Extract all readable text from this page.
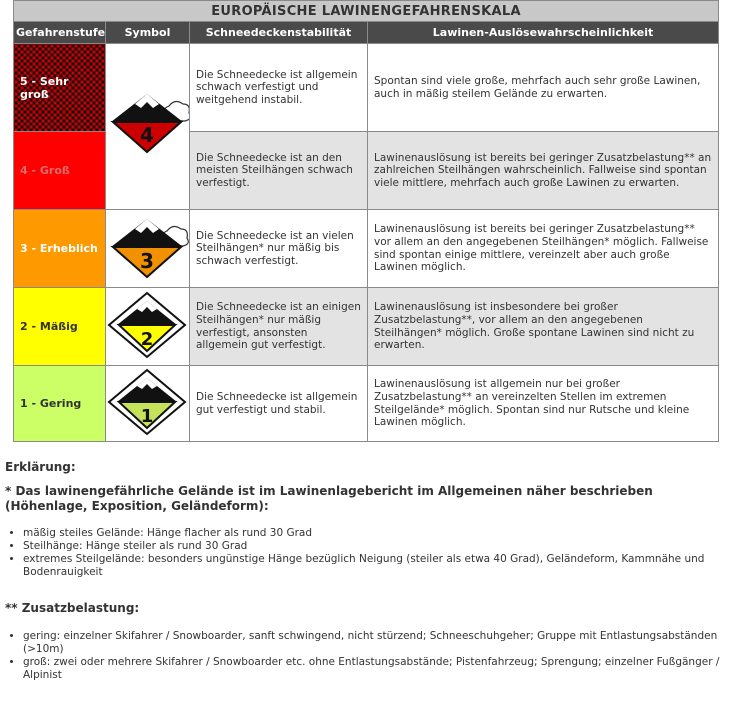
EUROPÄISCHE LAWINENGEFAHRENSKALA			
Gefahrenstufe	Symbol	Schneedeckenstabilität	Lawinen-Auslösewahrscheinlichkeit
5 - Sehr groß	4	Die Schneedecke ist allgemein schwach verfestigt und weitgehend instabil.	Spontan sind viele große, mehrfach auch sehr große Lawinen, auch in mäßig steilem Gelände zu erwarten.
4 - Groß		Die Schneedecke ist an den meisten Steilhängen schwach verfestigt.	Lawinenauslösung ist bereits bei geringer Zusatzbelastung** an zahlreichen Steilhängen wahrscheinlich. Fallweise sind spontan viele mittlere, mehrfach auch große Lawinen zu erwarten.
3 - Erheblich	3	Die Schneedecke ist an vielen Steilhängen* nur mäßig bis schwach verfestigt.	Lawinenauslösung ist bereits bei geringer Zusatzbelastung** vor allem an den angegebenen Steilhängen* möglich. Fallweise sind spontan einige mittlere, vereinzelt aber auch große Lawinen möglich.
2 - Mäßig	2	Die Schneedecke ist an einigen Steilhängen* nur mäßig verfestigt, ansonsten allgemein gut verfestigt.	Lawinenauslösung ist insbesondere bei großer Zusatzbelastung**, vor allem an den angegebenen Steilhängen* möglich. Große spontane Lawinen sind nicht zu erwarten.
1 - Gering	1	Die Schneedecke ist allgemein gut verfestigt und stabil.	Lawinenauslösung ist allgemein nur bei großer Zusatzbelastung** an vereinzelten Stellen im extremen Steilgelände* möglich. Spontan sind nur Rutsche und kleine Lawinen möglich.
Erklärung:
* Das lawinengefährliche Gelände ist im Lawinenlagebericht im Allgemeinen näher beschrieben (Höhenlage, Exposition, Geländeform):
• mäßig steiles Gelände: Hänge flacher als rund 30 Grad
• Steilhänge: Hänge steiler als rund 30 Grad
• extremes Steilgelände: besonders ungünstige Hänge bezüglich Neigung (steiler als etwa 40 Grad), Geländeform, Kammnähe und Bodenrauigkeit
** Zusatzbelastung:
• gering: einzelner Skifahrer / Snowboarder, sanft schwingend, nicht stürzend; Schneeschuhgeher; Gruppe mit Entlastungsabständen (>10m)
• groß: zwei oder mehrere Skifahrer / Snowboarder etc. ohne Entlastungsabstände; Pistenfahrzeug; Sprengung; einzelner Fußgänger / Alpinist
